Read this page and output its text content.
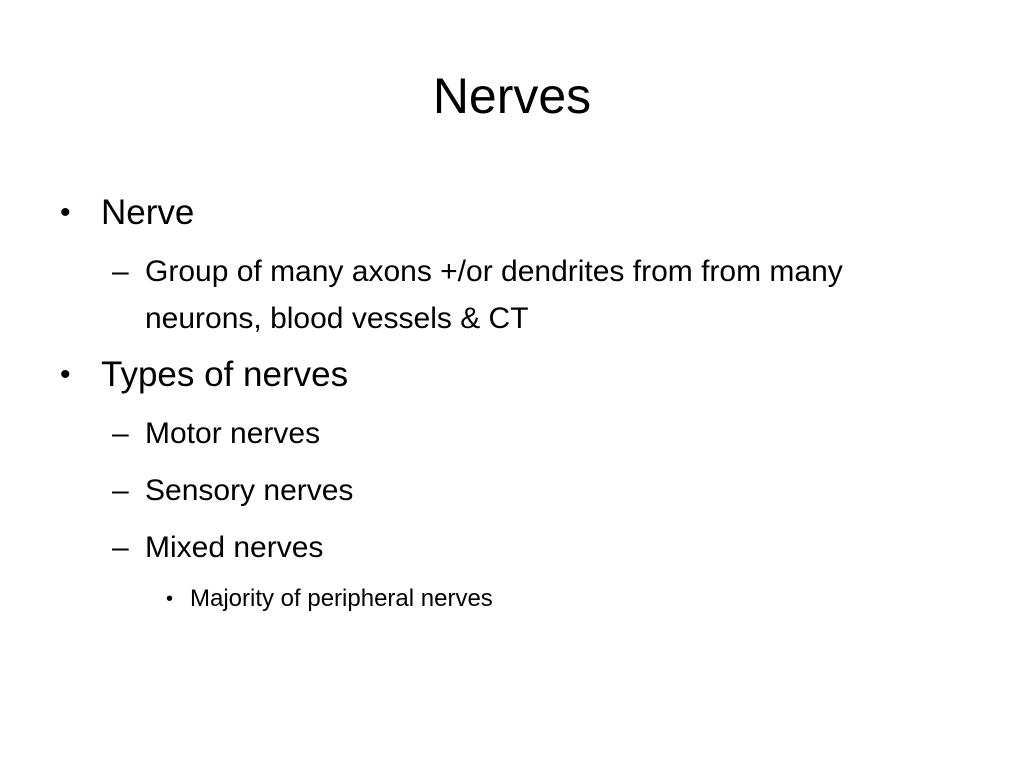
Nerves
• Nerve
– Group of many axons +/or dendrites from from many neurons, blood vessels & CT
• Types of nerves
– Motor nerves
– Sensory nerves
– Mixed nerves
• Majority of peripheral nerves
